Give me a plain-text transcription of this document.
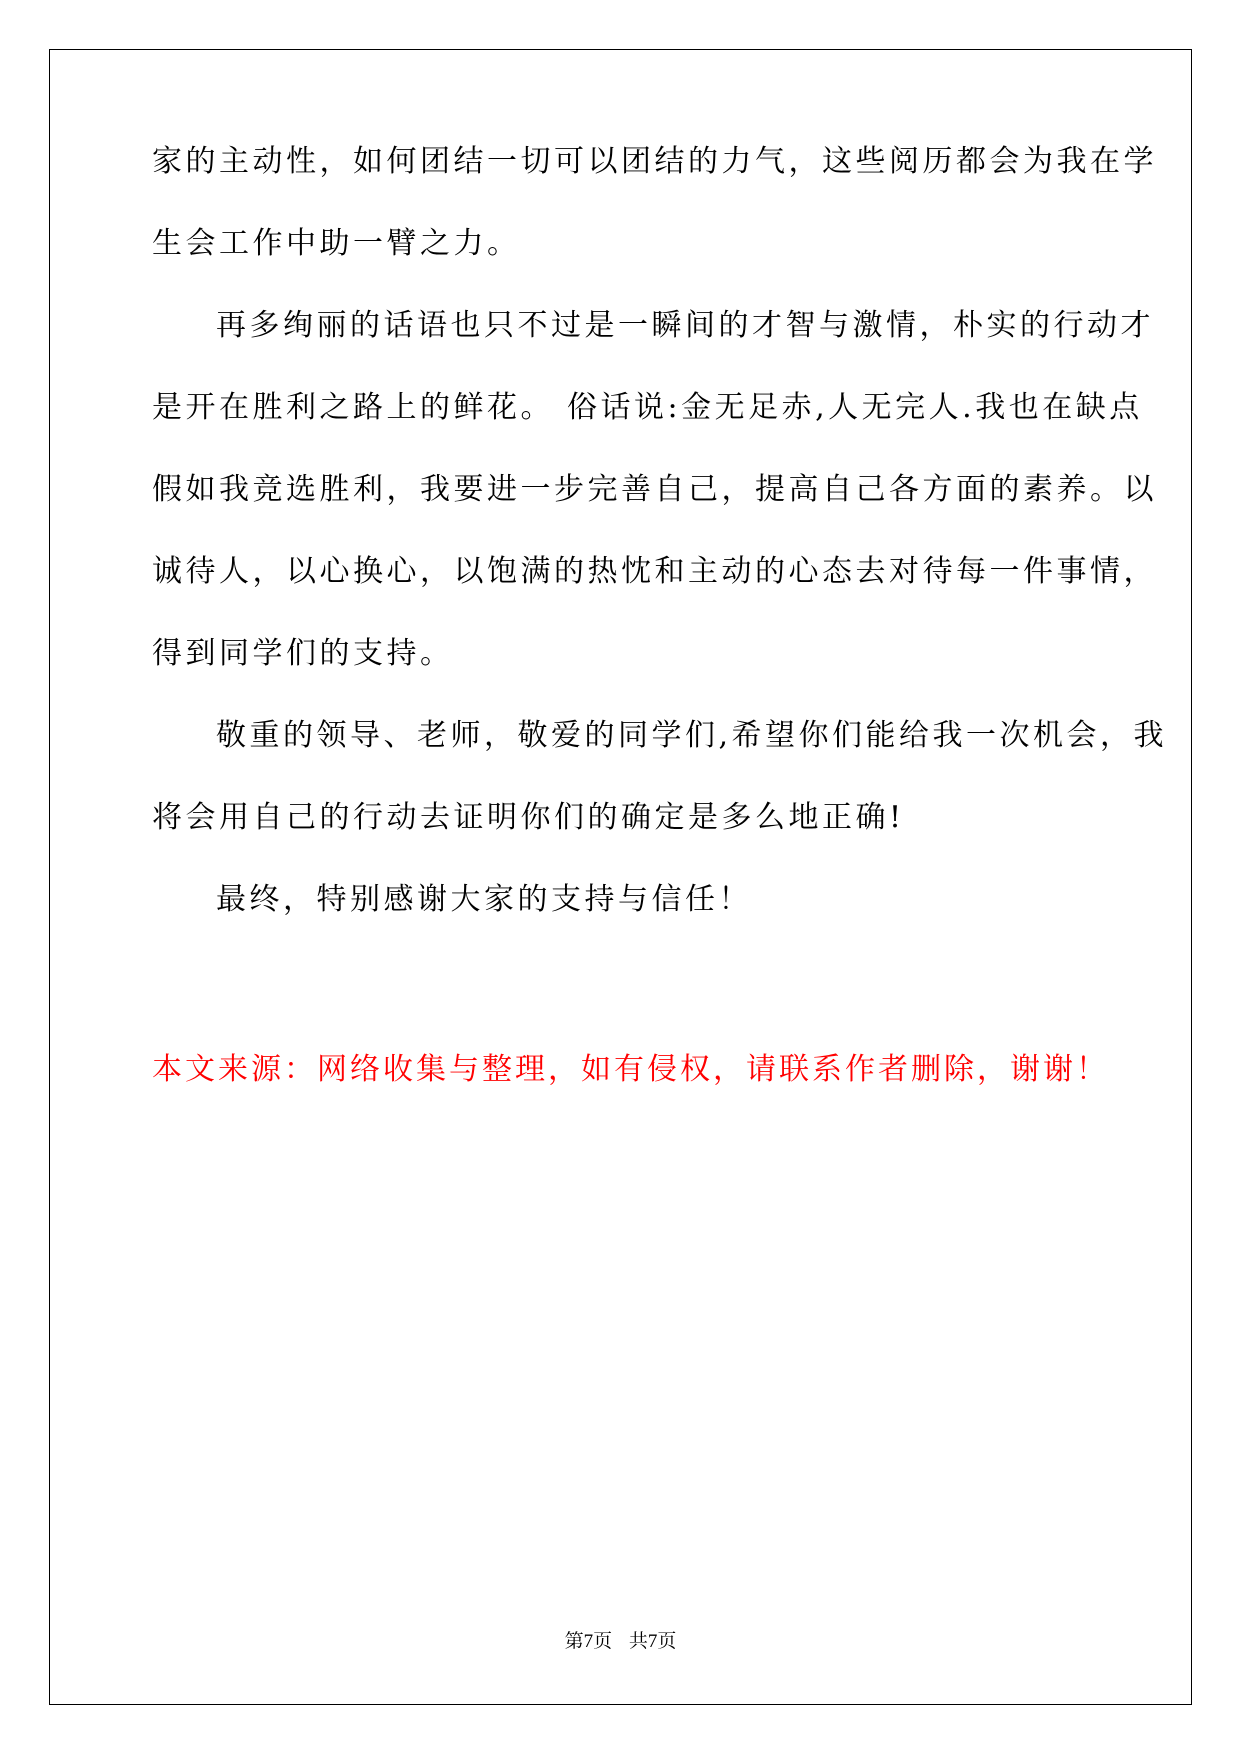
家的主动性，如何团结一切可以团结的力气，这些阅历都会为我在学
生会工作中助一臂之力。
再多绚丽的话语也只不过是一瞬间的才智与激情，朴实的行动才
是开在胜利之路上的鲜花。 俗话说:金无足赤,人无完人.我也在缺点
假如我竞选胜利，我要进一步完善自己，提高自己各方面的素养。以
诚待人，以心换心，以饱满的热忱和主动的心态去对待每一件事情，
得到同学们的支持。
敬重的领导、老师，敬爱的同学们,希望你们能给我一次机会，我
将会用自己的行动去证明你们的确定是多么地正确!
最终，特别感谢大家的支持与信任！
本文来源：网络收集与整理，如有侵权，请联系作者删除，谢谢！
第7页 共7页
